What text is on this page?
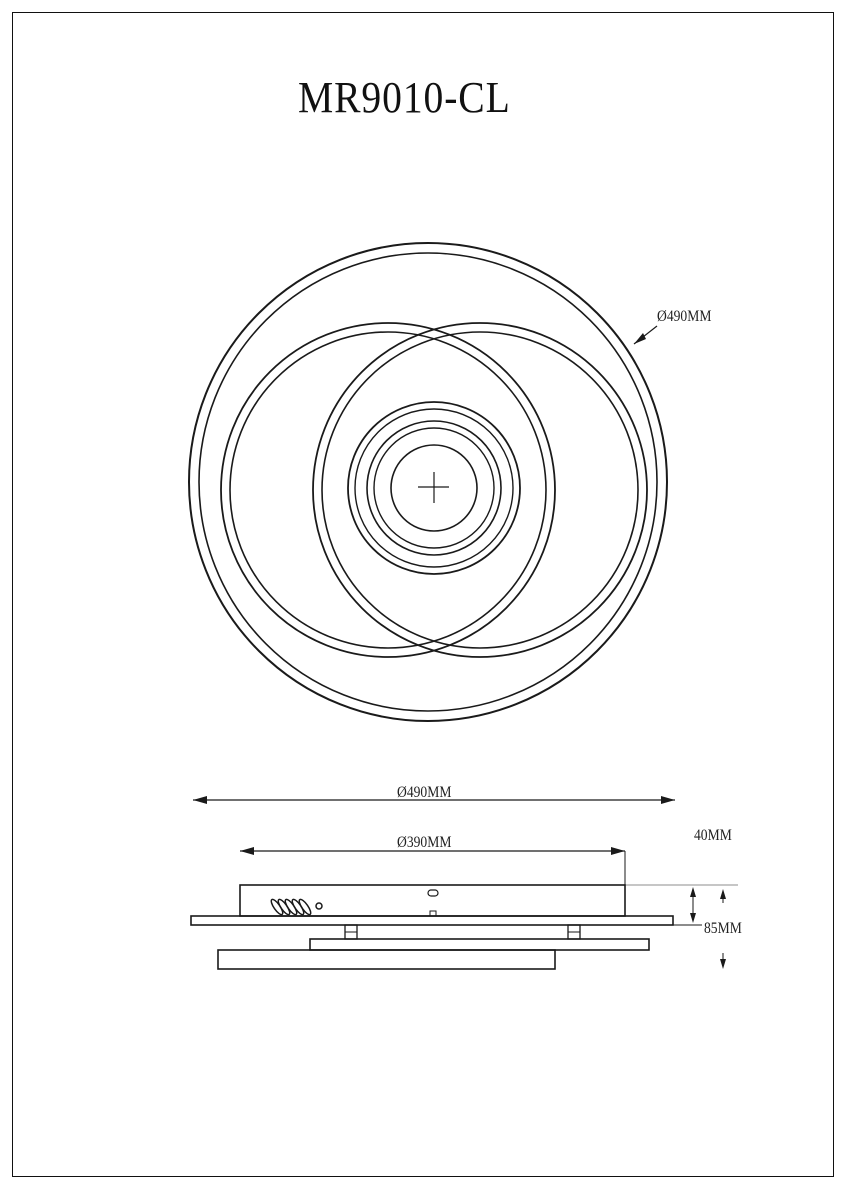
MR9010-CL
Ø490MM
Ø490MM
Ø390MM	40MM
85MM
